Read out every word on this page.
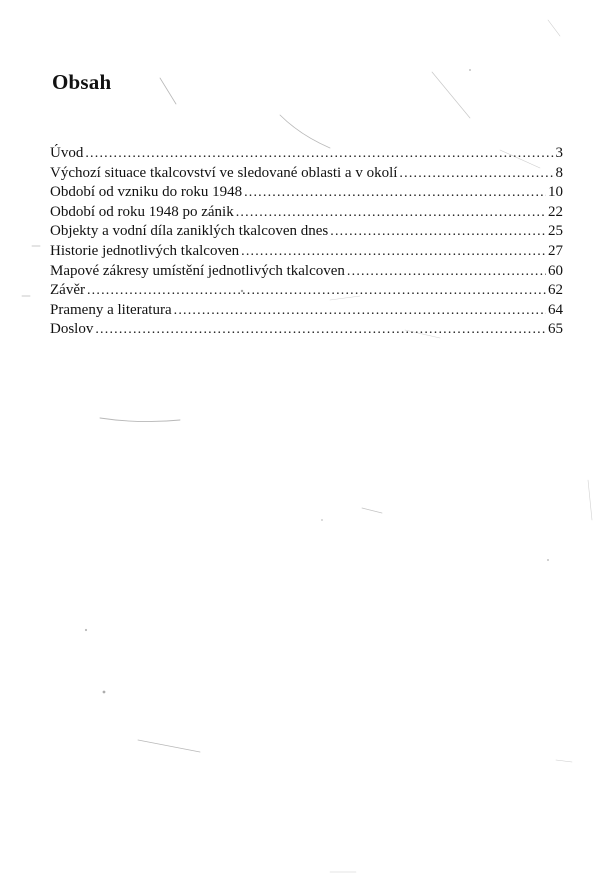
Obsah
Úvod .....	3
Výchozí situace tkalcovství ve sledované oblasti a v okolí .....	8
Období od vzniku do roku 1948 .....	10
Období od roku 1948 po zánik .....	22
Objekty a vodní díla zaniklých tkalcoven dnes .....	25
Historie jednotlivých tkalcoven .....	27
Mapové zákresy umístění jednotlivých tkalcoven .....	60
Závěr .....	62
Prameny a literatura .....	64
Doslov .....	65
